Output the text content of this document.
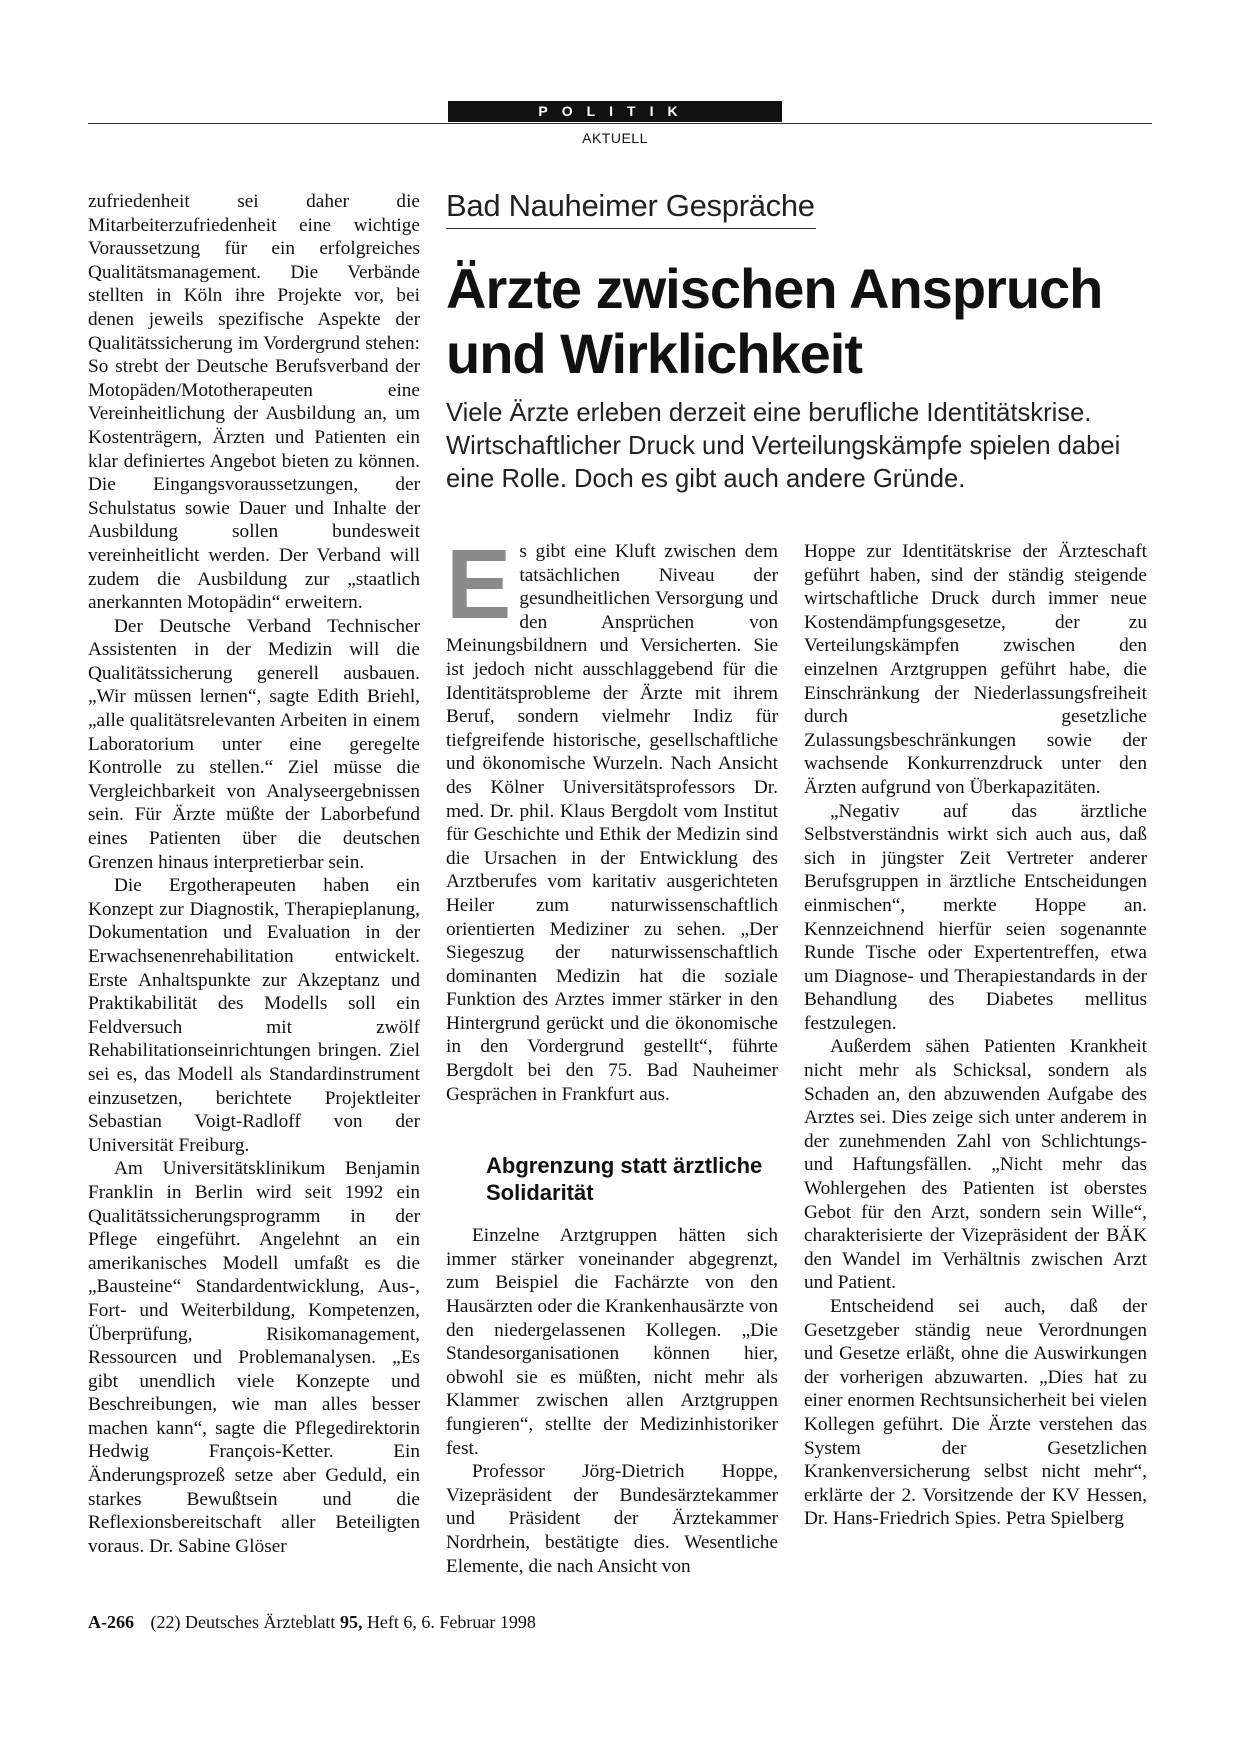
POLITIK
AKTUELL

zufriedenheit sei daher die Mitarbeiterzufriedenheit eine wichtige Voraussetzung für ein erfolgreiches Qualitätsmanagement. Die Verbände stellten in Köln ihre Projekte vor, bei denen jeweils spezifische Aspekte der Qualitätssicherung im Vordergrund stehen: So strebt der Deutsche Berufsverband der Motopäden/Mototherapeuten eine Vereinheitlichung der Ausbildung an, um Kostenträgern, Ärzten und Patienten ein klar definiertes Angebot bieten zu können. Die Eingangsvoraussetzungen, der Schulstatus sowie Dauer und Inhalte der Ausbildung sollen bundesweit vereinheitlicht werden. Der Verband will zudem die Ausbildung zur „staatlich anerkannten Motopädin“ erweitern.

Der Deutsche Verband Technischer Assistenten in der Medizin will die Qualitätssicherung generell ausbauen. „Wir müssen lernen“, sagte Edith Briehl, „alle qualitätsrelevanten Arbeiten in einem Laboratorium unter eine geregelte Kontrolle zu stellen.“ Ziel müsse die Vergleichbarkeit von Analyseergebnissen sein. Für Ärzte müßte der Laborbefund eines Patienten über die deutschen Grenzen hinaus interpretierbar sein.

Die Ergotherapeuten haben ein Konzept zur Diagnostik, Therapieplanung, Dokumentation und Evaluation in der Erwachsenenrehabilitation entwickelt. Erste Anhaltspunkte zur Akzeptanz und Praktikabilität des Modells soll ein Feldversuch mit zwölf Rehabilitationseinrichtungen bringen. Ziel sei es, das Modell als Standardinstrument einzusetzen, berichtete Projektleiter Sebastian Voigt-Radloff von der Universität Freiburg.

Am Universitätsklinikum Benjamin Franklin in Berlin wird seit 1992 ein Qualitätssicherungsprogramm in der Pflege eingeführt. Angelehnt an ein amerikanisches Modell umfaßt es die „Bausteine“ Standardentwicklung, Aus-, Fort- und Weiterbildung, Kompetenzen, Überprüfung, Risikomanagement, Ressourcen und Problemanalysen. „Es gibt unendlich viele Konzepte und Beschreibungen, wie man alles besser machen kann“, sagte die Pflegedirektorin Hedwig François-Ketter. Ein Änderungsprozeß setze aber Geduld, ein starkes Bewußtsein und die Reflexionsbereitschaft aller Beteiligten voraus. Dr. Sabine Glöser

Bad Nauheimer Gespräche
Ärzte zwischen Anspruch
und Wirklichkeit

Viele Ärzte erleben derzeit eine berufliche Identitätskrise. Wirtschaftlicher Druck und Verteilungskämpfe spielen dabei eine Rolle. Doch es gibt auch andere Gründe.

Es gibt eine Kluft zwischen dem tatsächlichen Niveau der gesundheitlichen Versorgung und den Ansprüchen von Meinungsbildnern und Versicherten. Sie ist jedoch nicht ausschlaggebend für die Identitätsprobleme der Ärzte mit ihrem Beruf, sondern vielmehr Indiz für tiefgreifende historische, gesellschaftliche und ökonomische Wurzeln. Nach Ansicht des Kölner Universitätsprofessors Dr. med. Dr. phil. Klaus Bergdolt vom Institut für Geschichte und Ethik der Medizin sind die Ursachen in der Entwicklung des Arztberufes vom karitativ ausgerichteten Heiler zum naturwissenschaftlich orientierten Mediziner zu sehen. „Der Siegeszug der naturwissenschaftlich dominanten Medizin hat die soziale Funktion des Arztes immer stärker in den Hintergrund gerückt und die ökonomische in den Vordergrund gestellt“, führte Bergdolt bei den 75. Bad Nauheimer Gesprächen in Frankfurt aus.

Abgrenzung statt ärztliche Solidarität

Einzelne Arztgruppen hätten sich immer stärker voneinander abgegrenzt, zum Beispiel die Fachärzte von den Hausärzten oder die Krankenhausärzte von den niedergelassenen Kollegen. „Die Standesorganisationen können hier, obwohl sie es müßten, nicht mehr als Klammer zwischen allen Arztgruppen fungieren“, stellte der Medizinhistoriker fest.

Professor Jörg-Dietrich Hoppe, Vizepräsident der Bundesärztekammer und Präsident der Ärztekammer Nordrhein, bestätigte dies. Wesentliche Elemente, die nach Ansicht von

Hoppe zur Identitätskrise der Ärzteschaft geführt haben, sind der ständig steigende wirtschaftliche Druck durch immer neue Kostendämpfungsgesetze, der zu Verteilungskämpfen zwischen den einzelnen Arztgruppen geführt habe, die Einschränkung der Niederlassungsfreiheit durch gesetzliche Zulassungsbeschränkungen sowie der wachsende Konkurrenzdruck unter den Ärzten aufgrund von Überkapazitäten.

„Negativ auf das ärztliche Selbstverständnis wirkt sich auch aus, daß sich in jüngster Zeit Vertreter anderer Berufsgruppen in ärztliche Entscheidungen einmischen“, merkte Hoppe an. Kennzeichnend hierfür seien sogenannte Runde Tische oder Expertentreffen, etwa um Diagnose- und Therapiestandards in der Behandlung des Diabetes mellitus festzulegen.

Außerdem sähen Patienten Krankheit nicht mehr als Schicksal, sondern als Schaden an, den abzuwenden Aufgabe des Arztes sei. Dies zeige sich unter anderem in der zunehmenden Zahl von Schlichtungs- und Haftungsfällen. „Nicht mehr das Wohlergehen des Patienten ist oberstes Gebot für den Arzt, sondern sein Wille“, charakterisierte der Vizepräsident der BÄK den Wandel im Verhältnis zwischen Arzt und Patient.

Entscheidend sei auch, daß der Gesetzgeber ständig neue Verordnungen und Gesetze erläßt, ohne die Auswirkungen der vorherigen abzuwarten. „Dies hat zu einer enormen Rechtsunsicherheit bei vielen Kollegen geführt. Die Ärzte verstehen das System der Gesetzlichen Krankenversicherung selbst nicht mehr“, erklärte der 2. Vorsitzende der KV Hessen, Dr. Hans-Friedrich Spies. Petra Spielberg

A-266 (22) Deutsches Ärzteblatt 95, Heft 6, 6. Februar 1998
